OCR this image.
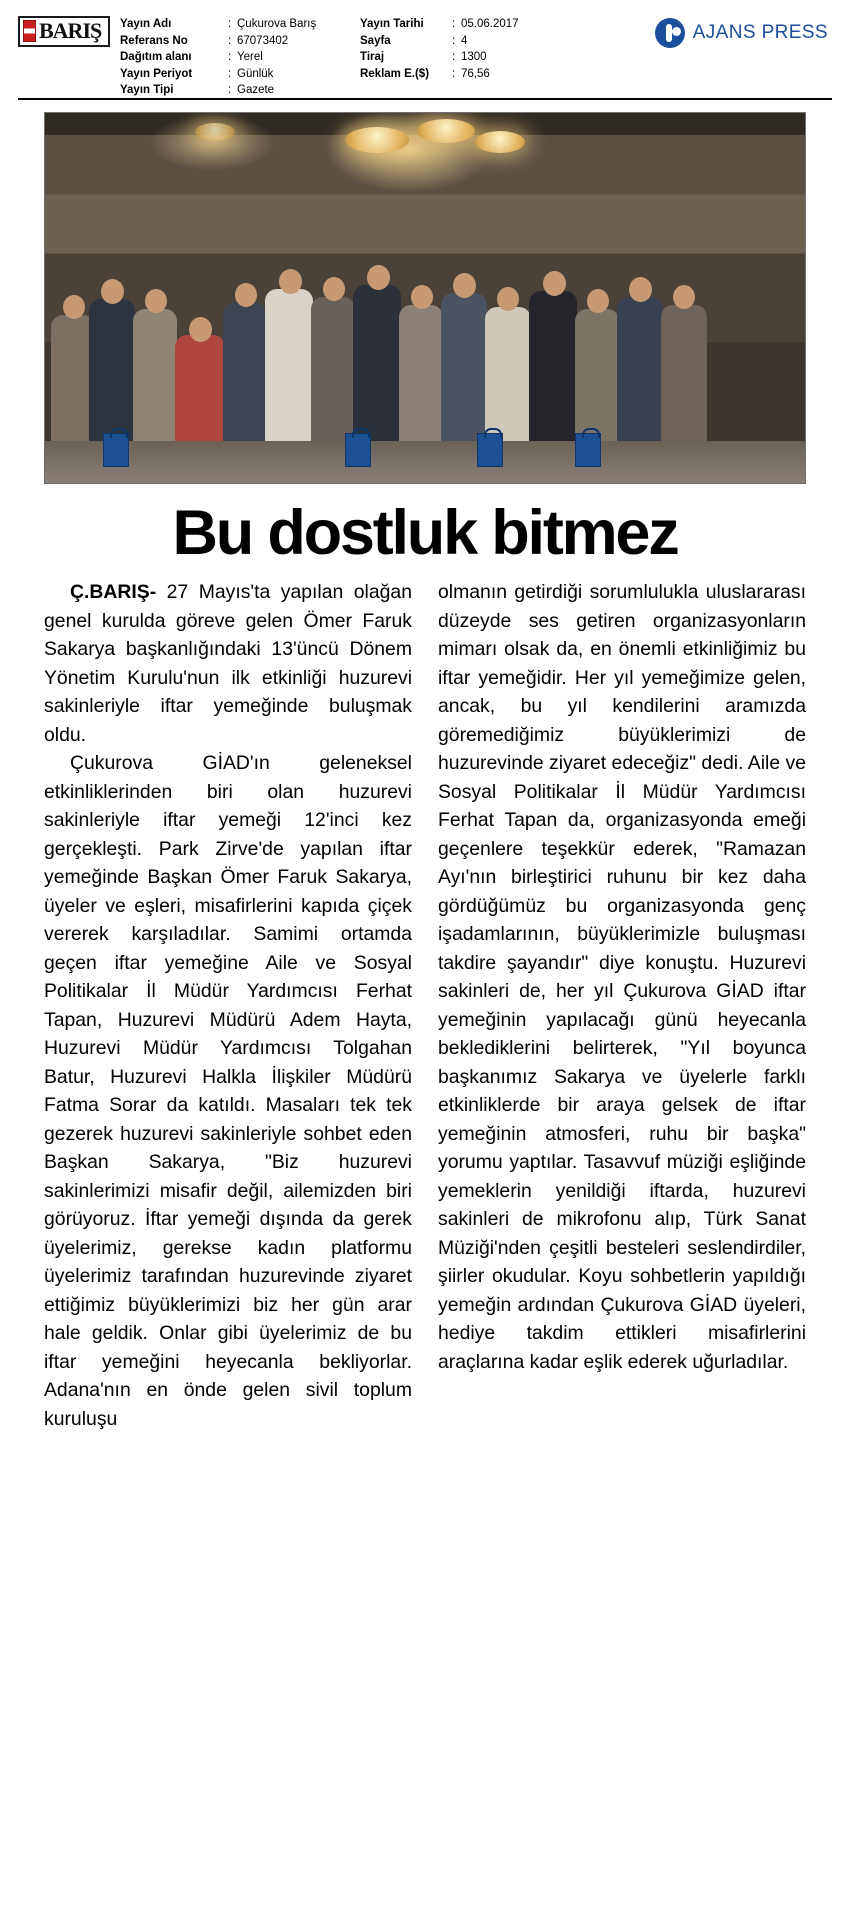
BARIŞ Yayın Adı	: Çukurova Barış
Referans No	: 67073402
Dağıtım alanı	: Yerel
Yayın Periyot	: Günlük
Yayın Tipi	: Gazete
Yayın Tarihi	: 05.06.2017
Sayfa	: 4
Tiraj	: 1300
Reklam E.($)	: 76,56
AJANS PRESS
Bu dostluk bitmez

Ç.BARIŞ- 27 Mayıs'ta yapılan olağan genel kurulda göreve gelen Ömer Faruk Sakarya başkanlığındaki 13'üncü Dönem Yönetim Kurulu'nun ilk etkinliği huzurevi sakinleriyle iftar yemeğinde buluşmak oldu.

Çukurova GİAD'ın geleneksel etkinliklerinden biri olan huzurevi sakinleriyle iftar yemeği 12'inci kez gerçekleşti. Park Zirve'de yapılan iftar yemeğinde Başkan Ömer Faruk Sakarya, üyeler ve eşleri, misafirlerini kapıda çiçek vererek karşıladılar. Samimi ortamda geçen iftar yemeğine Aile ve Sosyal Politikalar İl Müdür Yardımcısı Ferhat Tapan, Huzurevi Müdürü Adem Hayta, Huzurevi Müdür Yardımcısı Tolgahan Batur, Huzurevi Halkla İlişkiler Müdürü Fatma Sorar da katıldı. Masaları tek tek gezerek huzurevi sakinleriyle sohbet eden Başkan Sakarya, "Biz huzurevi sakinlerimizi misafir değil, ailemizden biri görüyoruz. İftar yemeği dışında da gerek üyelerimiz, gerekse kadın platformu üyelerimiz tarafından huzurevinde ziyaret ettiğimiz büyüklerimizi biz her gün arar hale geldik. Onlar gibi üyelerimiz de bu iftar yemeğini heyecanla bekliyorlar. Adana'nın en önde gelen sivil toplum kuruluşu

olmanın getirdiği sorumlulukla uluslararası düzeyde ses getiren organizasyonların mimarı olsak da, en önemli etkinliğimiz bu iftar yemeğidir. Her yıl yemeğimize gelen, ancak, bu yıl kendilerini aramızda göremediğimiz büyüklerimizi de huzurevinde ziyaret edeceğiz" dedi. Aile ve Sosyal Politikalar İl Müdür Yardımcısı Ferhat Tapan da, organizasyonda emeği geçenlere teşekkür ederek, "Ramazan Ayı'nın birleştirici ruhunu bir kez daha gördüğümüz bu organizasyonda genç işadamlarının, büyüklerimizle buluşması takdire şayandır" diye konuştu. Huzurevi sakinleri de, her yıl Çukurova GİAD iftar yemeğinin yapılacağı günü heyecanla beklediklerini belirterek, "Yıl boyunca başkanımız Sakarya ve üyelerle farklı etkinliklerde bir araya gelsek de iftar yemeğinin atmosferi, ruhu bir başka" yorumu yaptılar. Tasavvuf müziği eşliğinde yemeklerin yenildiği iftarda, huzurevi sakinleri de mikrofonu alıp, Türk Sanat Müziği'nden çeşitli besteleri seslendirdiler, şiirler okudular. Koyu sohbetlerin yapıldığı yemeğin ardından Çukurova GİAD üyeleri, hediye takdim ettikleri misafirlerini araçlarına kadar eşlik ederek uğurladılar.
